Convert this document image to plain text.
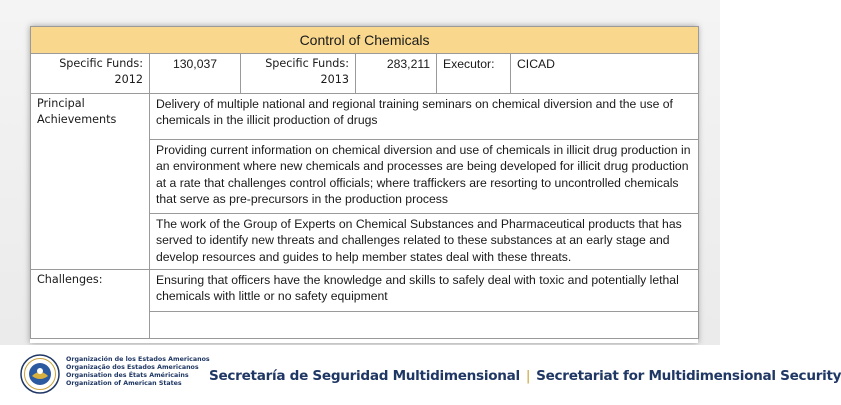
Control of Chemicals					
Specific Funds: 2012	130,037	Specific Funds: 2013	283,211	Executor:	CICAD
Principal Achievements	Delivery of multiple national and regional training seminars on chemical diversion and the use of chemicals in the illicit production of drugs				
	Providing current information on chemical diversion and use of chemicals in illicit drug production in an environment where new chemicals and processes are being developed for illicit drug production at a rate that challenges control officials; where traffickers are resorting to uncontrolled chemicals that serve as pre-precursors in the production process				
	The work of the Group of Experts on Chemical Substances and Pharmaceutical products that has served to identify new threats and challenges related to these substances at an early stage and develop resources and guides to help member states deal with these threats.				
Challenges:	Ensuring that officers have the knowledge and skills to safely deal with toxic and potentially lethal chemicals with little or no safety equipment				

Organización de los Estados Americanos
Organização dos Estados Americanos
Organisation des États Américains
Organization of American States	Secretaría de Seguridad Multidimensional | Secretariat for Multidimensional Security
